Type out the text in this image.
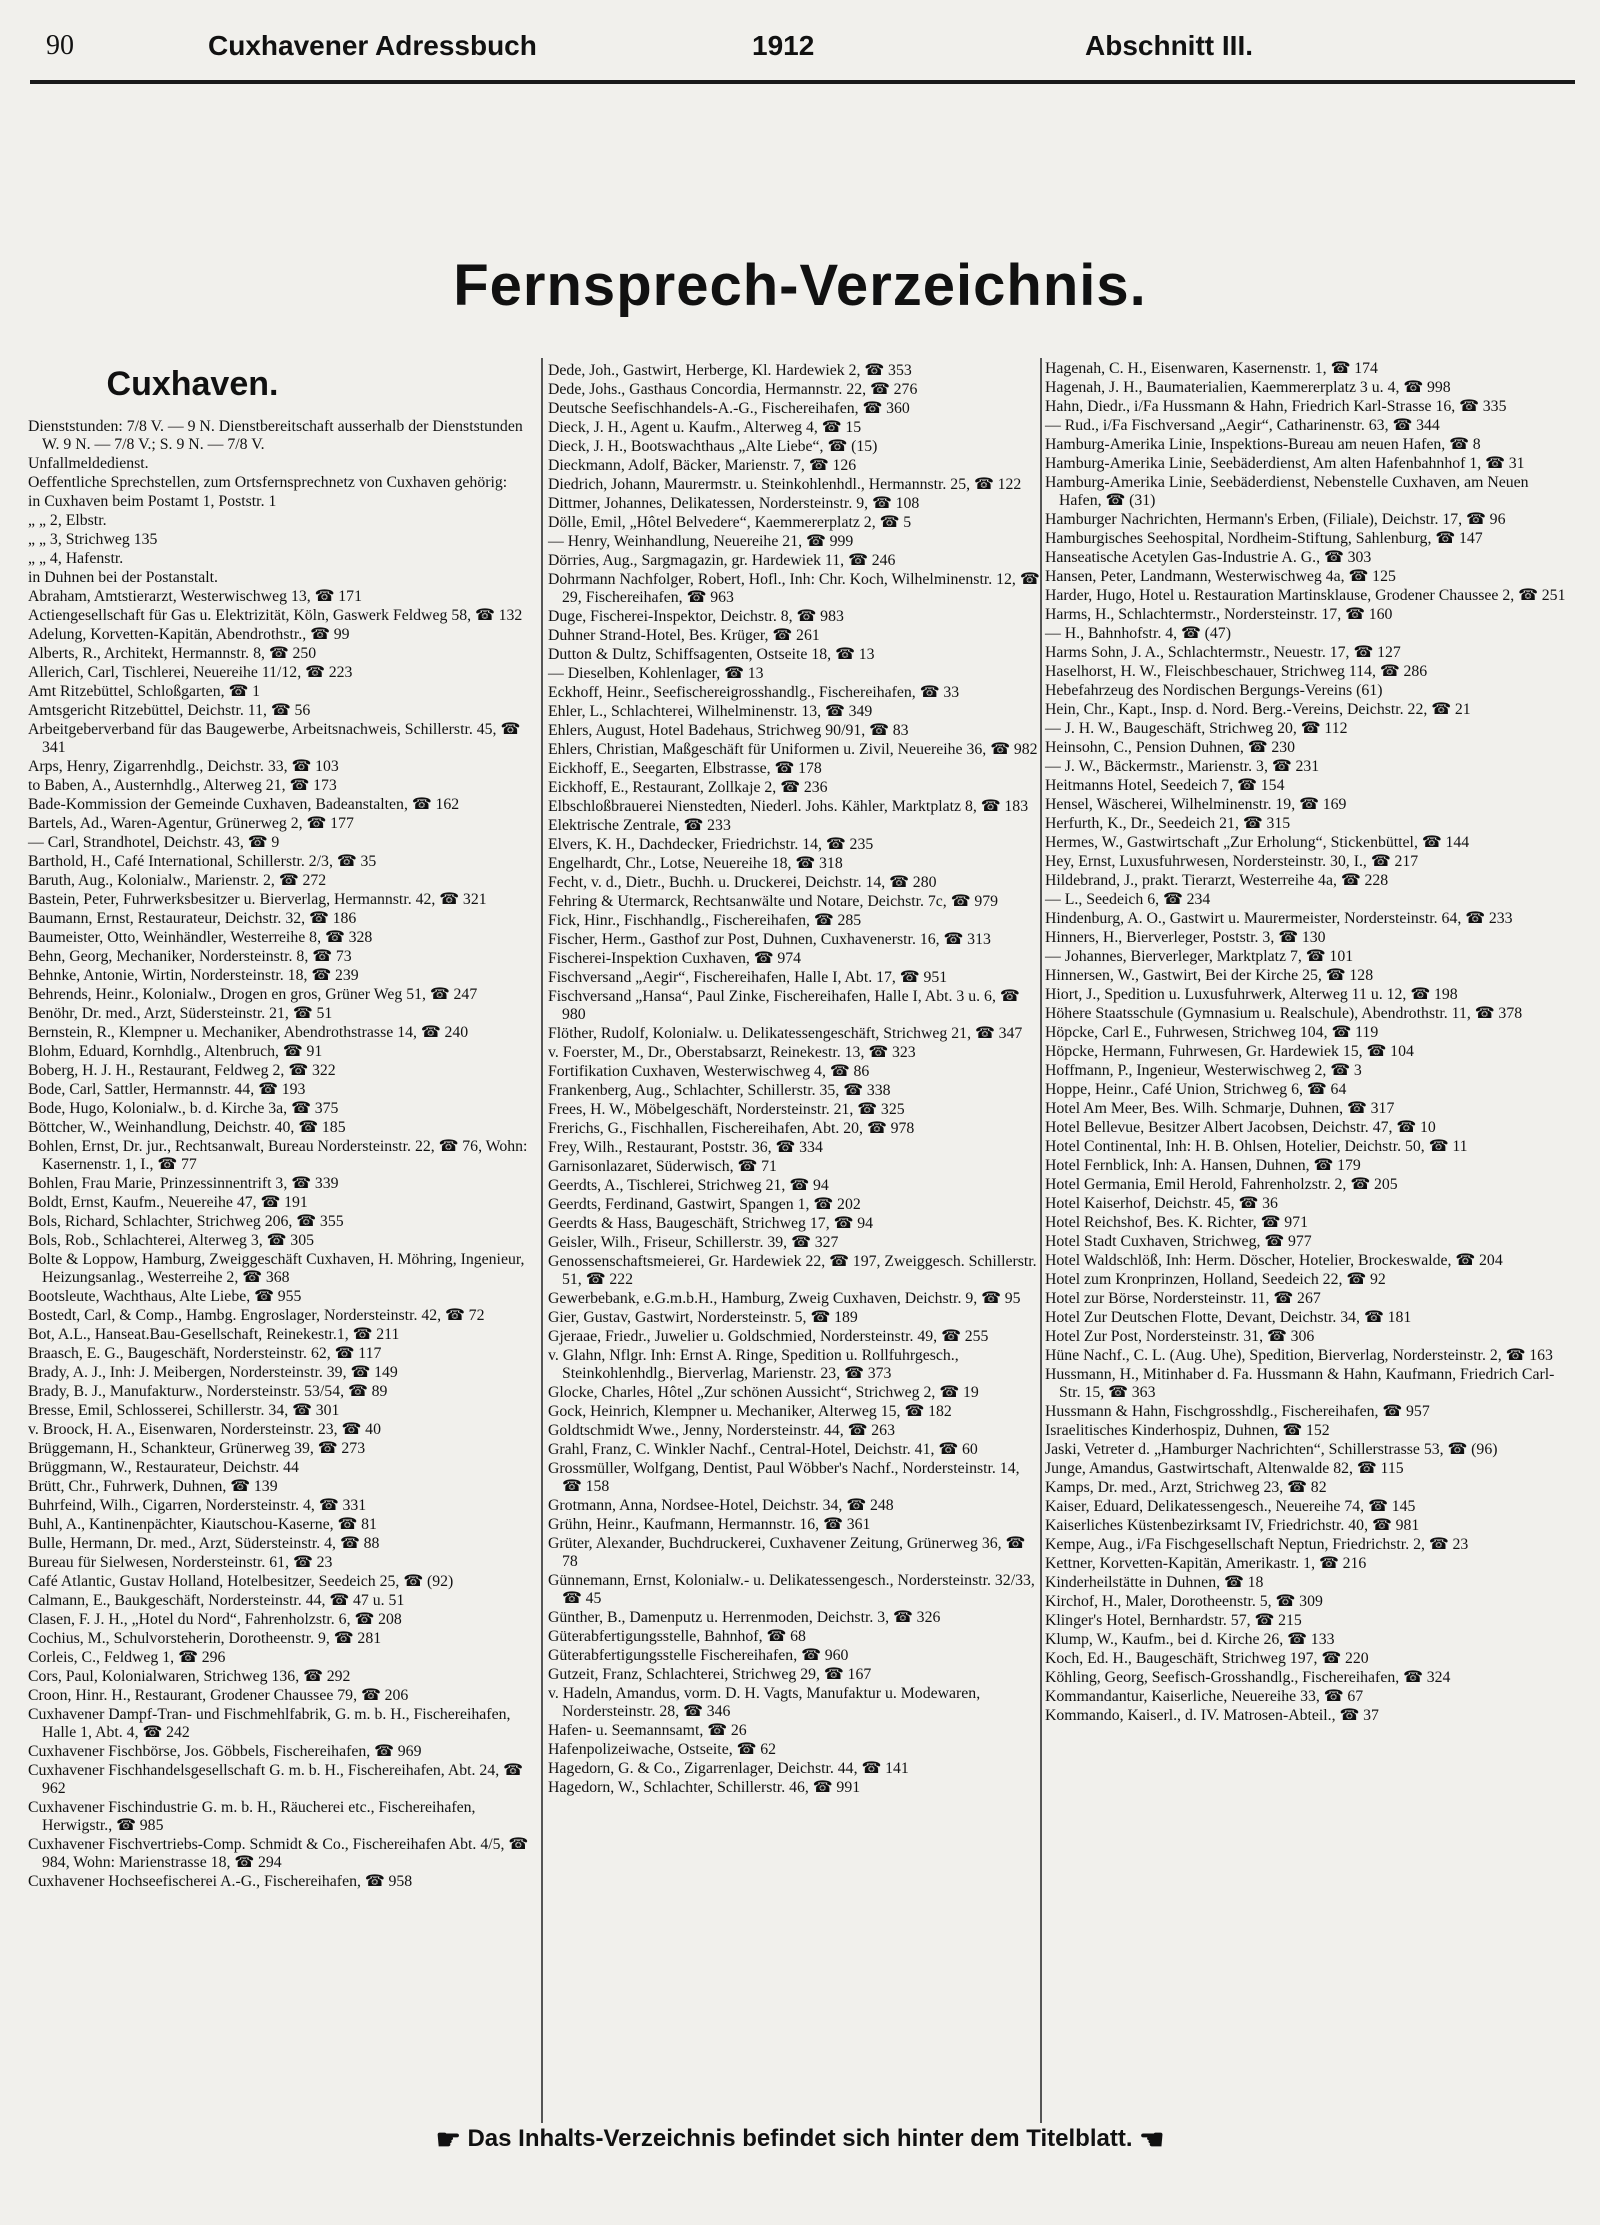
90	Cuxhavener Adressbuch	1912	Abschnitt III.
Fernsprech-Verzeichnis.
Cuxhaven.

Dienststunden: 7/8 V. — 9 N. Dienstbereitschaft ausserhalb der Dienststunden W. 9 N. — 7/8 V.; S. 9 N. — 7/8 V.

Unfallmeldedienst.

Oeffentliche Sprechstellen, zum Ortsfernsprechnetz von Cuxhaven gehörig:

in Cuxhaven beim Postamt 1, Poststr. 1

„ „ 2, Elbstr.

„ „ 3, Strichweg 135

„ „ 4, Hafenstr.

in Duhnen bei der Postanstalt.

Abraham, Amtstierarzt, Westerwischweg 13, ☎ 171

Actiengesellschaft für Gas u. Elektrizität, Köln, Gaswerk Feldweg 58, ☎ 132

Adelung, Korvetten-Kapitän, Abendrothstr., ☎ 99

Alberts, R., Architekt, Hermannstr. 8, ☎ 250

Allerich, Carl, Tischlerei, Neuereihe 11/12, ☎ 223

Amt Ritzebüttel, Schloßgarten, ☎ 1

Amtsgericht Ritzebüttel, Deichstr. 11, ☎ 56

Arbeitgeberverband für das Baugewerbe, Arbeitsnachweis, Schillerstr. 45, ☎ 341

Arps, Henry, Zigarrenhdlg., Deichstr. 33, ☎ 103

to Baben, A., Austernhdlg., Alterweg 21, ☎ 173

Bade-Kommission der Gemeinde Cuxhaven, Badeanstalten, ☎ 162

Bartels, Ad., Waren-Agentur, Grünerweg 2, ☎ 177

— Carl, Strandhotel, Deichstr. 43, ☎ 9

Barthold, H., Café International, Schillerstr. 2/3, ☎ 35

Baruth, Aug., Kolonialw., Marienstr. 2, ☎ 272

Bastein, Peter, Fuhrwerksbesitzer u. Bierverlag, Hermannstr. 42, ☎ 321

Baumann, Ernst, Restaurateur, Deichstr. 32, ☎ 186

Baumeister, Otto, Weinhändler, Westerreihe 8, ☎ 328

Behn, Georg, Mechaniker, Nordersteinstr. 8, ☎ 73

Behnke, Antonie, Wirtin, Nordersteinstr. 18, ☎ 239

Behrends, Heinr., Kolonialw., Drogen en gros, Grüner Weg 51, ☎ 247

Benöhr, Dr. med., Arzt, Südersteinstr. 21, ☎ 51

Bernstein, R., Klempner u. Mechaniker, Abendrothstrasse 14, ☎ 240

Blohm, Eduard, Kornhdlg., Altenbruch, ☎ 91

Boberg, H. J. H., Restaurant, Feldweg 2, ☎ 322

Bode, Carl, Sattler, Hermannstr. 44, ☎ 193

Bode, Hugo, Kolonialw., b. d. Kirche 3a, ☎ 375

Böttcher, W., Weinhandlung, Deichstr. 40, ☎ 185

Bohlen, Ernst, Dr. jur., Rechtsanwalt, Bureau Nordersteinstr. 22, ☎ 76, Wohn: Kasernenstr. 1, I., ☎ 77

Bohlen, Frau Marie, Prinzessinnentrift 3, ☎ 339

Boldt, Ernst, Kaufm., Neuereihe 47, ☎ 191

Bols, Richard, Schlachter, Strichweg 206, ☎ 355

Bols, Rob., Schlachterei, Alterweg 3, ☎ 305

Bolte & Loppow, Hamburg, Zweiggeschäft Cuxhaven, H. Möhring, Ingenieur, Heizungsanlag., Westerreihe 2, ☎ 368

Bootsleute, Wachthaus, Alte Liebe, ☎ 955

Bostedt, Carl, & Comp., Hambg. Engroslager, Nordersteinstr. 42, ☎ 72

Bot, A.L., Hanseat.Bau-Gesellschaft, Reinekestr.1, ☎ 211

Braasch, E. G., Baugeschäft, Nordersteinstr. 62, ☎ 117

Brady, A. J., Inh: J. Meibergen, Nordersteinstr. 39, ☎ 149

Brady, B. J., Manufakturw., Nordersteinstr. 53/54, ☎ 89

Bresse, Emil, Schlosserei, Schillerstr. 34, ☎ 301

v. Broock, H. A., Eisenwaren, Nordersteinstr. 23, ☎ 40

Brüggemann, H., Schankteur, Grünerweg 39, ☎ 273

Brüggmann, W., Restaurateur, Deichstr. 44

Brütt, Chr., Fuhrwerk, Duhnen, ☎ 139

Buhrfeind, Wilh., Cigarren, Nordersteinstr. 4, ☎ 331

Buhl, A., Kantinenpächter, Kiautschou-Kaserne, ☎ 81

Bulle, Hermann, Dr. med., Arzt, Südersteinstr. 4, ☎ 88

Bureau für Sielwesen, Nordersteinstr. 61, ☎ 23

Café Atlantic, Gustav Holland, Hotelbesitzer, Seedeich 25, ☎ (92)

Calmann, E., Baukgeschäft, Nordersteinstr. 44, ☎ 47 u. 51

Clasen, F. J. H., „Hotel du Nord“, Fahrenholzstr. 6, ☎ 208

Cochius, M., Schulvorsteherin, Dorotheenstr. 9, ☎ 281

Corleis, C., Feldweg 1, ☎ 296

Cors, Paul, Kolonialwaren, Strichweg 136, ☎ 292

Croon, Hinr. H., Restaurant, Grodener Chaussee 79, ☎ 206

Cuxhavener Dampf-Tran- und Fischmehlfabrik, G. m. b. H., Fischereihafen, Halle 1, Abt. 4, ☎ 242

Cuxhavener Fischbörse, Jos. Göbbels, Fischereihafen, ☎ 969

Cuxhavener Fischhandelsgesellschaft G. m. b. H., Fischereihafen, Abt. 24, ☎ 962

Cuxhavener Fischindustrie G. m. b. H., Räucherei etc., Fischereihafen, Herwigstr., ☎ 985

Cuxhavener Fischvertriebs-Comp. Schmidt & Co., Fischereihafen Abt. 4/5, ☎ 984, Wohn: Marienstrasse 18, ☎ 294

Cuxhavener Hochseefischerei A.-G., Fischereihafen, ☎ 958

Dede, Joh., Gastwirt, Herberge, Kl. Hardewiek 2, ☎ 353

Dede, Johs., Gasthaus Concordia, Hermannstr. 22, ☎ 276

Deutsche Seefischhandels-A.-G., Fischereihafen, ☎ 360

Dieck, J. H., Agent u. Kaufm., Alterweg 4, ☎ 15

Dieck, J. H., Bootswachthaus „Alte Liebe“, ☎ (15)

Dieckmann, Adolf, Bäcker, Marienstr. 7, ☎ 126

Diedrich, Johann, Maurermstr. u. Steinkohlenhdl., Hermannstr. 25, ☎ 122

Dittmer, Johannes, Delikatessen, Nordersteinstr. 9, ☎ 108

Dölle, Emil, „Hôtel Belvedere“, Kaemmererplatz 2, ☎ 5

— Henry, Weinhandlung, Neuereihe 21, ☎ 999

Dörries, Aug., Sargmagazin, gr. Hardewiek 11, ☎ 246

Dohrmann Nachfolger, Robert, Hofl., Inh: Chr. Koch, Wilhelminenstr. 12, ☎ 29, Fischereihafen, ☎ 963

Duge, Fischerei-Inspektor, Deichstr. 8, ☎ 983

Duhner Strand-Hotel, Bes. Krüger, ☎ 261

Dutton & Dultz, Schiffsagenten, Ostseite 18, ☎ 13

— Dieselben, Kohlenlager, ☎ 13

Eckhoff, Heinr., Seefischereigrosshandlg., Fischereihafen, ☎ 33

Ehler, L., Schlachterei, Wilhelminenstr. 13, ☎ 349

Ehlers, August, Hotel Badehaus, Strichweg 90/91, ☎ 83

Ehlers, Christian, Maßgeschäft für Uniformen u. Zivil, Neuereihe 36, ☎ 982

Eickhoff, E., Seegarten, Elbstrasse, ☎ 178

Eickhoff, E., Restaurant, Zollkaje 2, ☎ 236

Elbschloßbrauerei Nienstedten, Niederl. Johs. Kähler, Marktplatz 8, ☎ 183

Elektrische Zentrale, ☎ 233

Elvers, K. H., Dachdecker, Friedrichstr. 14, ☎ 235

Engelhardt, Chr., Lotse, Neuereihe 18, ☎ 318

Fecht, v. d., Dietr., Buchh. u. Druckerei, Deichstr. 14, ☎ 280

Fehring & Utermarck, Rechtsanwälte und Notare, Deichstr. 7c, ☎ 979

Fick, Hinr., Fischhandlg., Fischereihafen, ☎ 285

Fischer, Herm., Gasthof zur Post, Duhnen, Cuxhavenerstr. 16, ☎ 313

Fischerei-Inspektion Cuxhaven, ☎ 974

Fischversand „Aegir“, Fischereihafen, Halle I, Abt. 17, ☎ 951

Fischversand „Hansa“, Paul Zinke, Fischereihafen, Halle I, Abt. 3 u. 6, ☎ 980

Flöther, Rudolf, Kolonialw. u. Delikatessengeschäft, Strichweg 21, ☎ 347

v. Foerster, M., Dr., Oberstabsarzt, Reinekestr. 13, ☎ 323

Fortifikation Cuxhaven, Westerwischweg 4, ☎ 86

Frankenberg, Aug., Schlachter, Schillerstr. 35, ☎ 338

Frees, H. W., Möbelgeschäft, Nordersteinstr. 21, ☎ 325

Frerichs, G., Fischhallen, Fischereihafen, Abt. 20, ☎ 978

Frey, Wilh., Restaurant, Poststr. 36, ☎ 334

Garnisonlazaret, Süderwisch, ☎ 71

Geerdts, A., Tischlerei, Strichweg 21, ☎ 94

Geerdts, Ferdinand, Gastwirt, Spangen 1, ☎ 202

Geerdts & Hass, Baugeschäft, Strichweg 17, ☎ 94

Geisler, Wilh., Friseur, Schillerstr. 39, ☎ 327

Genossenschaftsmeierei, Gr. Hardewiek 22, ☎ 197, Zweiggesch. Schillerstr. 51, ☎ 222

Gewerbebank, e.G.m.b.H., Hamburg, Zweig Cuxhaven, Deichstr. 9, ☎ 95

Gier, Gustav, Gastwirt, Nordersteinstr. 5, ☎ 189

Gjeraae, Friedr., Juwelier u. Goldschmied, Nordersteinstr. 49, ☎ 255

v. Glahn, Nflgr. Inh: Ernst A. Ringe, Spedition u. Rollfuhrgesch., Steinkohlenhdlg., Bierverlag, Marienstr. 23, ☎ 373

Glocke, Charles, Hôtel „Zur schönen Aussicht“, Strichweg 2, ☎ 19

Gock, Heinrich, Klempner u. Mechaniker, Alterweg 15, ☎ 182

Goldtschmidt Wwe., Jenny, Nordersteinstr. 44, ☎ 263

Grahl, Franz, C. Winkler Nachf., Central-Hotel, Deichstr. 41, ☎ 60

Grossmüller, Wolfgang, Dentist, Paul Wöbber's Nachf., Nordersteinstr. 14, ☎ 158

Grotmann, Anna, Nordsee-Hotel, Deichstr. 34, ☎ 248

Grühn, Heinr., Kaufmann, Hermannstr. 16, ☎ 361

Grüter, Alexander, Buchdruckerei, Cuxhavener Zeitung, Grünerweg 36, ☎ 78

Günnemann, Ernst, Kolonialw.- u. Delikatessengesch., Nordersteinstr. 32/33, ☎ 45

Günther, B., Damenputz u. Herrenmoden, Deichstr. 3, ☎ 326

Güterabfertigungsstelle, Bahnhof, ☎ 68

Güterabfertigungsstelle Fischereihafen, ☎ 960

Gutzeit, Franz, Schlachterei, Strichweg 29, ☎ 167

v. Hadeln, Amandus, vorm. D. H. Vagts, Manufaktur u. Modewaren, Nordersteinstr. 28, ☎ 346

Hafen- u. Seemannsamt, ☎ 26

Hafenpolizeiwache, Ostseite, ☎ 62

Hagedorn, G. & Co., Zigarrenlager, Deichstr. 44, ☎ 141

Hagedorn, W., Schlachter, Schillerstr. 46, ☎ 991

Hagenah, C. H., Eisenwaren, Kasernenstr. 1, ☎ 174

Hagenah, J. H., Baumaterialien, Kaemmererplatz 3 u. 4, ☎ 998

Hahn, Diedr., i/Fa Hussmann & Hahn, Friedrich Karl-Strasse 16, ☎ 335

— Rud., i/Fa Fischversand „Aegir“, Catharinenstr. 63, ☎ 344

Hamburg-Amerika Linie, Inspektions-Bureau am neuen Hafen, ☎ 8

Hamburg-Amerika Linie, Seebäderdienst, Am alten Hafenbahnhof 1, ☎ 31

Hamburg-Amerika Linie, Seebäderdienst, Nebenstelle Cuxhaven, am Neuen Hafen, ☎ (31)

Hamburger Nachrichten, Hermann's Erben, (Filiale), Deichstr. 17, ☎ 96

Hamburgisches Seehospital, Nordheim-Stiftung, Sahlenburg, ☎ 147

Hanseatische Acetylen Gas-Industrie A. G., ☎ 303

Hansen, Peter, Landmann, Westerwischweg 4a, ☎ 125

Harder, Hugo, Hotel u. Restauration Martinsklause, Grodener Chaussee 2, ☎ 251

Harms, H., Schlachtermstr., Nordersteinstr. 17, ☎ 160

— H., Bahnhofstr. 4, ☎ (47)

Harms Sohn, J. A., Schlachtermstr., Neuestr. 17, ☎ 127

Haselhorst, H. W., Fleischbeschauer, Strichweg 114, ☎ 286

Hebefahrzeug des Nordischen Bergungs-Vereins (61)

Hein, Chr., Kapt., Insp. d. Nord. Berg.-Vereins, Deichstr. 22, ☎ 21

— J. H. W., Baugeschäft, Strichweg 20, ☎ 112

Heinsohn, C., Pension Duhnen, ☎ 230

— J. W., Bäckermstr., Marienstr. 3, ☎ 231

Heitmanns Hotel, Seedeich 7, ☎ 154

Hensel, Wäscherei, Wilhelminenstr. 19, ☎ 169

Herfurth, K., Dr., Seedeich 21, ☎ 315

Hermes, W., Gastwirtschaft „Zur Erholung“, Stickenbüttel, ☎ 144

Hey, Ernst, Luxusfuhrwesen, Nordersteinstr. 30, I., ☎ 217

Hildebrand, J., prakt. Tierarzt, Westerreihe 4a, ☎ 228

— L., Seedeich 6, ☎ 234

Hindenburg, A. O., Gastwirt u. Maurermeister, Nordersteinstr. 64, ☎ 233

Hinners, H., Bierverleger, Poststr. 3, ☎ 130

— Johannes, Bierverleger, Marktplatz 7, ☎ 101

Hinnersen, W., Gastwirt, Bei der Kirche 25, ☎ 128

Hiort, J., Spedition u. Luxusfuhrwerk, Alterweg 11 u. 12, ☎ 198

Höhere Staatsschule (Gymnasium u. Realschule), Abendrothstr. 11, ☎ 378

Höpcke, Carl E., Fuhrwesen, Strichweg 104, ☎ 119

Höpcke, Hermann, Fuhrwesen, Gr. Hardewiek 15, ☎ 104

Hoffmann, P., Ingenieur, Westerwischweg 2, ☎ 3

Hoppe, Heinr., Café Union, Strichweg 6, ☎ 64

Hotel Am Meer, Bes. Wilh. Schmarje, Duhnen, ☎ 317

Hotel Bellevue, Besitzer Albert Jacobsen, Deichstr. 47, ☎ 10

Hotel Continental, Inh: H. B. Ohlsen, Hotelier, Deichstr. 50, ☎ 11

Hotel Fernblick, Inh: A. Hansen, Duhnen, ☎ 179

Hotel Germania, Emil Herold, Fahrenholzstr. 2, ☎ 205

Hotel Kaiserhof, Deichstr. 45, ☎ 36

Hotel Reichshof, Bes. K. Richter, ☎ 971

Hotel Stadt Cuxhaven, Strichweg, ☎ 977

Hotel Waldschlöß, Inh: Herm. Döscher, Hotelier, Brockeswalde, ☎ 204

Hotel zum Kronprinzen, Holland, Seedeich 22, ☎ 92

Hotel zur Börse, Nordersteinstr. 11, ☎ 267

Hotel Zur Deutschen Flotte, Devant, Deichstr. 34, ☎ 181

Hotel Zur Post, Nordersteinstr. 31, ☎ 306

Hüne Nachf., C. L. (Aug. Uhe), Spedition, Bierverlag, Nordersteinstr. 2, ☎ 163

Hussmann, H., Mitinhaber d. Fa. Hussmann & Hahn, Kaufmann, Friedrich Carl-Str. 15, ☎ 363

Hussmann & Hahn, Fischgrosshdlg., Fischereihafen, ☎ 957

Israelitisches Kinderhospiz, Duhnen, ☎ 152

Jaski, Vetreter d. „Hamburger Nachrichten“, Schillerstrasse 53, ☎ (96)

Junge, Amandus, Gastwirtschaft, Altenwalde 82, ☎ 115

Kamps, Dr. med., Arzt, Strichweg 23, ☎ 82

Kaiser, Eduard, Delikatessengesch., Neuereihe 74, ☎ 145

Kaiserliches Küstenbezirksamt IV, Friedrichstr. 40, ☎ 981

Kempe, Aug., i/Fa Fischgesellschaft Neptun, Friedrichstr. 2, ☎ 23

Kettner, Korvetten-Kapitän, Amerikastr. 1, ☎ 216

Kinderheilstätte in Duhnen, ☎ 18

Kirchof, H., Maler, Dorotheenstr. 5, ☎ 309

Klinger's Hotel, Bernhardstr. 57, ☎ 215

Klump, W., Kaufm., bei d. Kirche 26, ☎ 133

Koch, Ed. H., Baugeschäft, Strichweg 197, ☎ 220

Köhling, Georg, Seefisch-Grosshandlg., Fischereihafen, ☎ 324

Kommandantur, Kaiserliche, Neuereihe 33, ☎ 67

Kommando, Kaiserl., d. IV. Matrosen-Abteil., ☎ 37

☛ Das Inhalts-Verzeichnis befindet sich hinter dem Titelblatt. ☚
